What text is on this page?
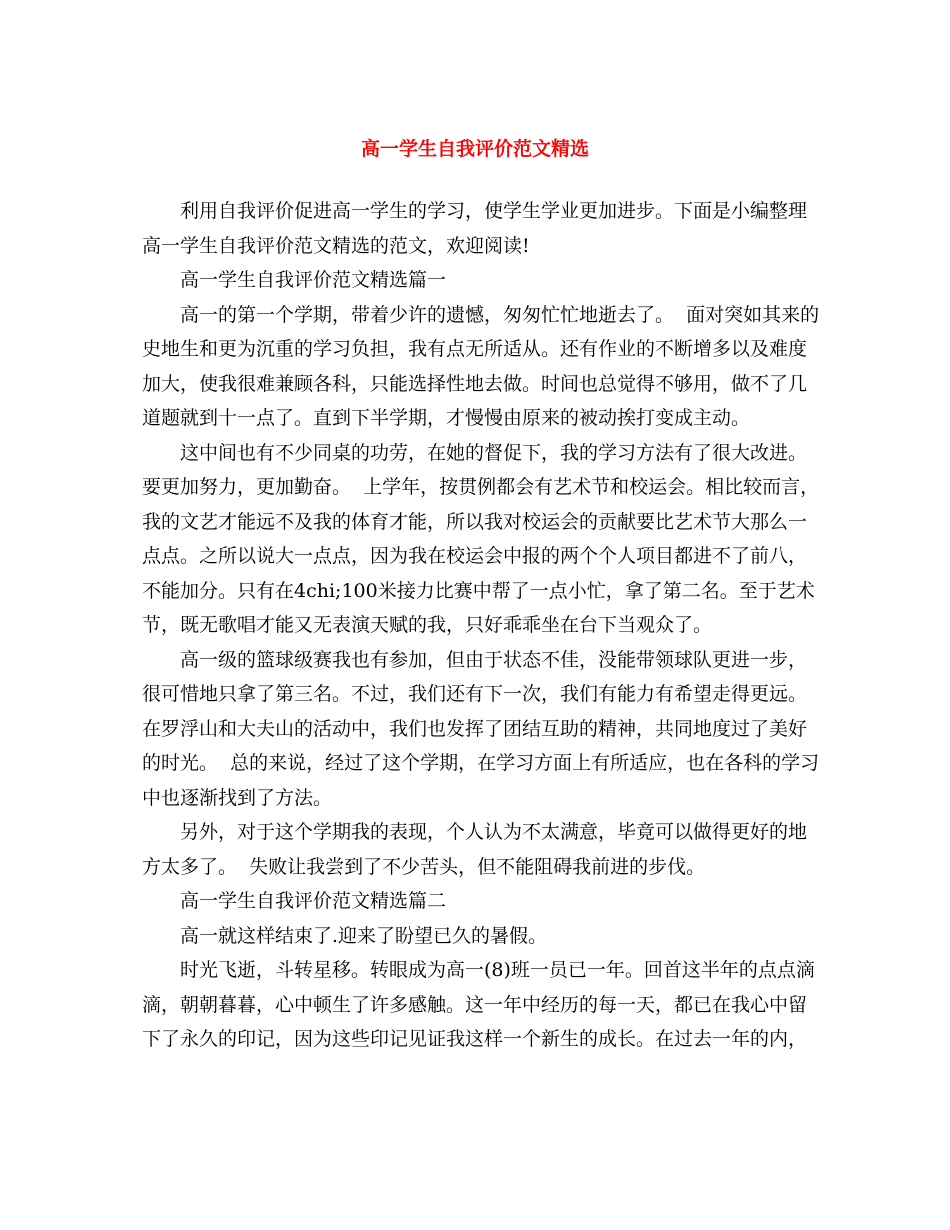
高一学生自我评价范文精选

利用自我评价促进高一学生的学习，使学生学业更加进步。下面是小编整理
高一学生自我评价范文精选的范文，欢迎阅读!

高一学生自我评价范文精选篇一

高一的第一个学期，带着少许的遗憾，匆匆忙忙地逝去了。  面对突如其来的
史地生和更为沉重的学习负担，我有点无所适从。还有作业的不断增多以及难度
加大，使我很难兼顾各科，只能选择性地去做。时间也总觉得不够用，做不了几
道题就到十一点了。直到下半学期，才慢慢由原来的被动挨打变成主动。

这中间也有不少同桌的功劳，在她的督促下，我的学习方法有了很大改进。
要更加努力，更加勤奋。  上学年，按贯例都会有艺术节和校运会。相比较而言，
我的文艺才能远不及我的体育才能，所以我对校运会的贡献要比艺术节大那么一
点点。之所以说大一点点，因为我在校运会中报的两个个人项目都进不了前八，
不能加分。只有在4chi;100米接力比赛中帮了一点小忙，拿了第二名。至于艺术
节，既无歌唱才能又无表演天赋的我，只好乖乖坐在台下当观众了。

高一级的篮球级赛我也有参加，但由于状态不佳，没能带领球队更进一步，
很可惜地只拿了第三名。不过，我们还有下一次，我们有能力有希望走得更远。
在罗浮山和大夫山的活动中，我们也发挥了团结互助的精神，共同地度过了美好
的时光。  总的来说，经过了这个学期，在学习方面上有所适应，也在各科的学习
中也逐渐找到了方法。

另外，对于这个学期我的表现，个人认为不太满意，毕竟可以做得更好的地
方太多了。  失败让我尝到了不少苦头，但不能阻碍我前进的步伐。

高一学生自我评价范文精选篇二

高一就这样结束了.迎来了盼望已久的暑假。

时光飞逝，斗转星移。转眼成为高一(8)班一员已一年。回首这半年的点点滴
滴，朝朝暮暮，心中顿生了许多感触。这一年中经历的每一天，都已在我心中留
下了永久的印记，因为这些印记见证我这样一个新生的成长。在过去一年的内，
